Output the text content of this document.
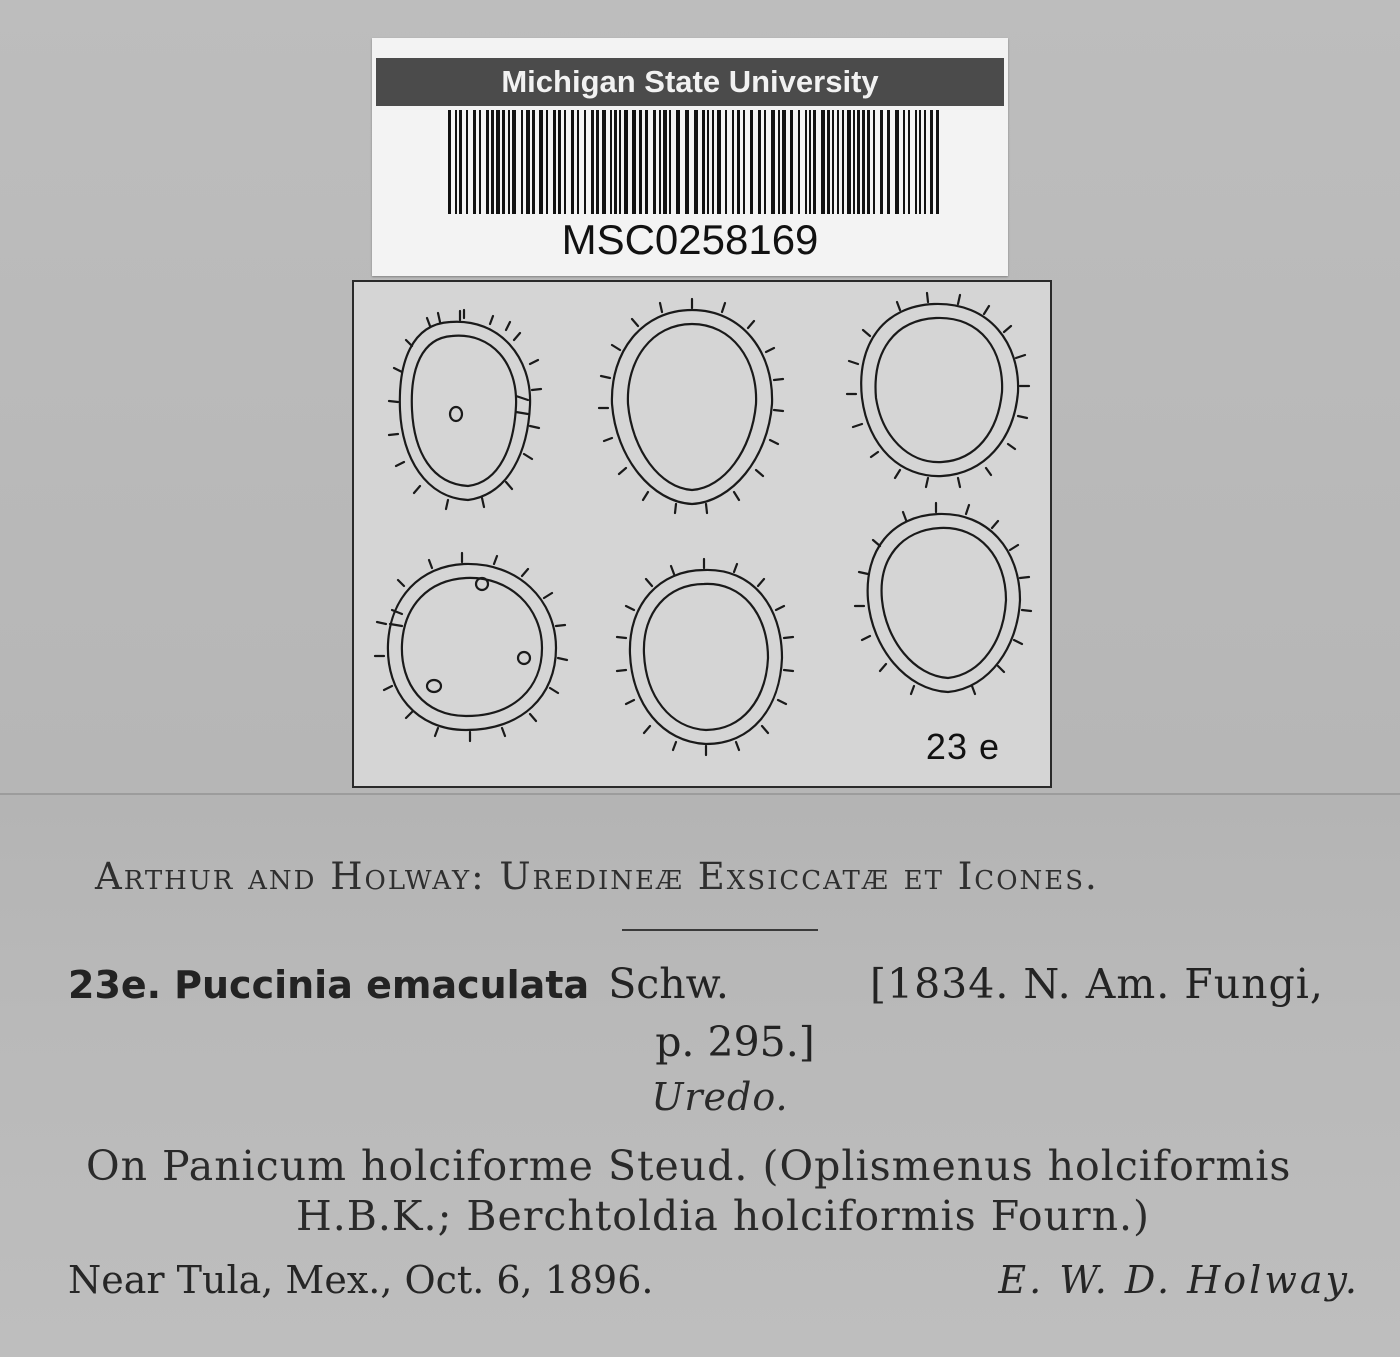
Michigan State University
MSC0258169
23 e
Arthur and Holway: Uredineæ Exsiccatæ et Icones.
23e. Puccinia emaculata Schw.	[1834. N. Am. Fungi,
p. 295.]
Uredo.
On Panicum holciforme Steud. (Oplismenus holciformis
H.B.K.; Berchtoldia holciformis Fourn.)
Near Tula, Mex., Oct. 6, 1896.	E. W. D. Holway.
